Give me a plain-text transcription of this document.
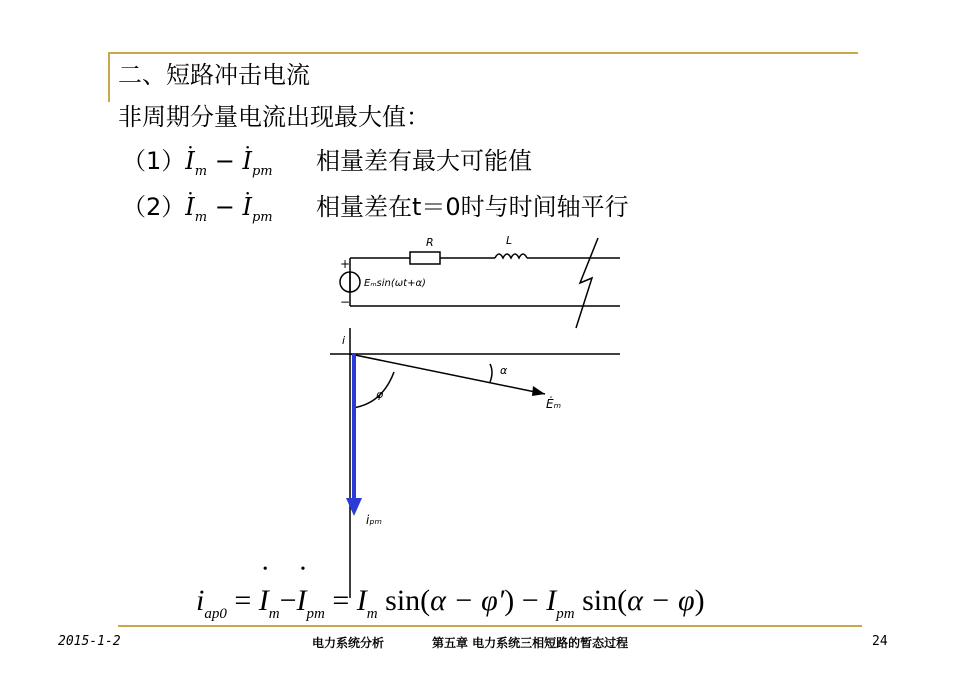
二、短路冲击电流
非周期分量电流出现最大值：
$(1)\cdot I_m$ − · $I_{pm}$ 相量差有最大可能值
$(2)\cdot I_m$ − · $I_{pm}$ 相量差在t＝0时与时间轴平行
R	L
+
−
Eₘsin(ωt+α)
i
α
φ
Ėₘ
i̇ₚₘ
$i_{ap0}$ = • $I_m-•$ $I_{pm} = I_m$ $\sin(\alpha - \varphi') - I_{pm}$ sin(α − φ)
2015-1-2	电力系统分析	第五章 电力系统三相短路的暂态过程	24
